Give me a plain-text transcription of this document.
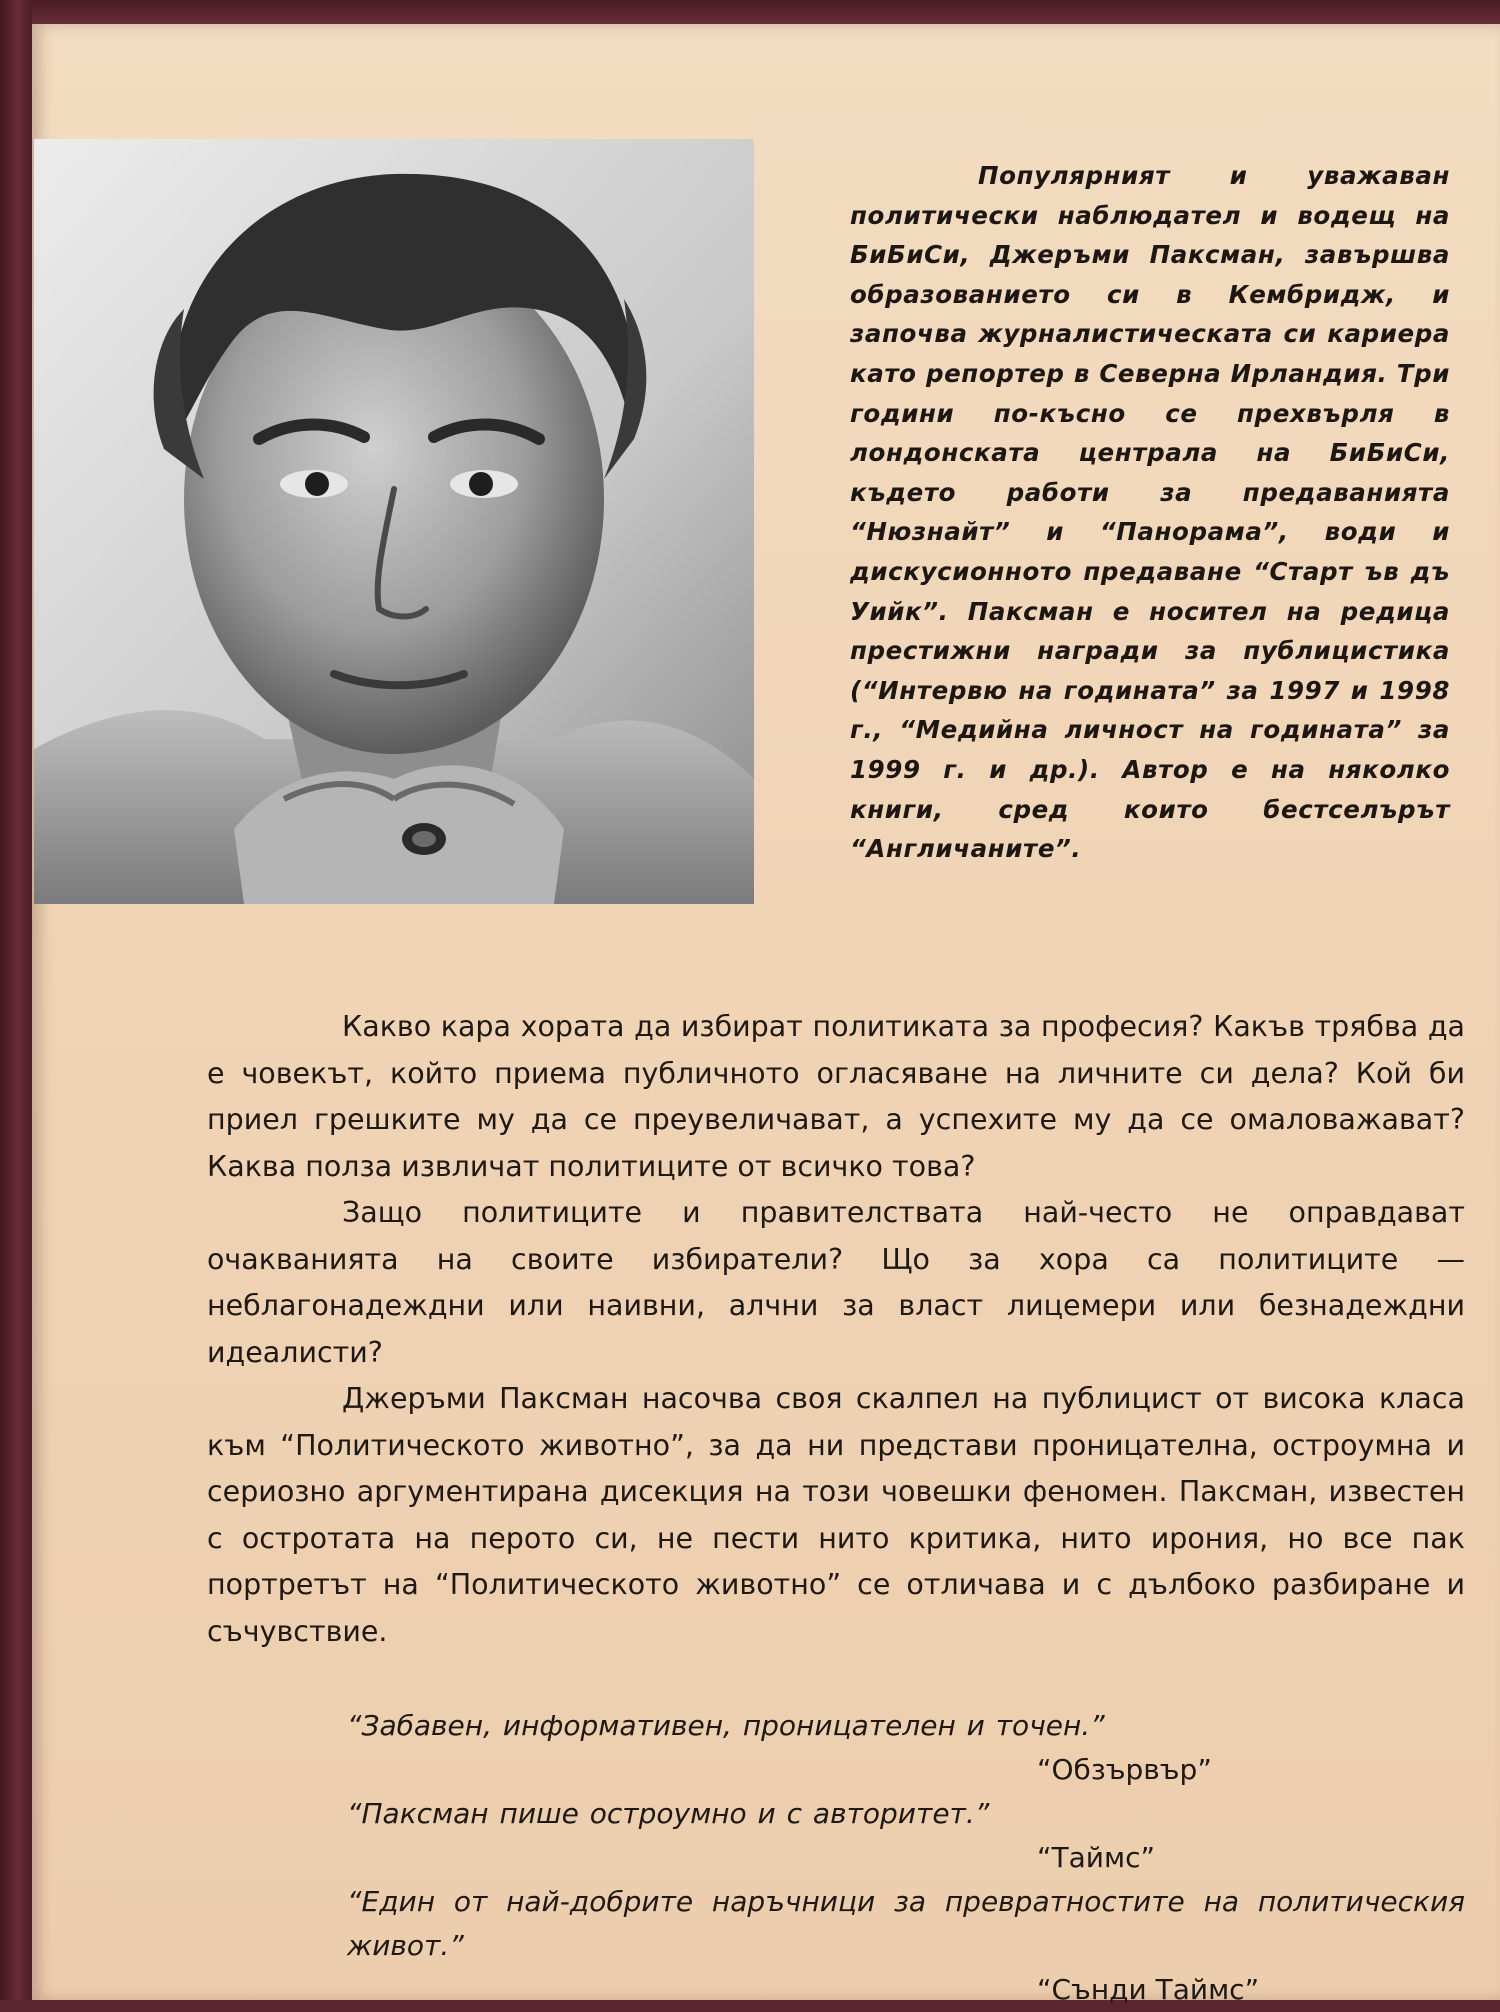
Популярният и уважаван политически наблюдател и водещ на БиБиСи, Джеръми Паксман, завършва образованието си в Кембридж, и започва журналистическата си кариера като репортер в Северна Ирландия. Три години по-късно се прехвърля в лондонската централа на БиБиСи, където работи за предаванията “Нюзнайт” и “Панорама”, води и дискусионното предаване “Старт ъв дъ Уийк”. Паксман е носител на редица престижни награди за публицистика (“Интервю на годината” за 1997 и 1998 г., “Медийна личност на годината” за 1999 г. и др.). Автор е на няколко книги, сред които бестселърът “Англичаните”.

Какво кара хората да избират политиката за професия? Какъв трябва да е човекът, който приема публичното огласяване на личните си дела? Кой би приел грешките му да се преувеличават, а успехите му да се омаловажават? Каква полза извличат политиците от всичко това?

Защо политиците и правителствата най-често не оправдават очакванията на своите избиратели? Що за хора са политиците — неблагонадеждни или наивни, алчни за власт лицемери или безнадеждни идеалисти?

Джеръми Паксман насочва своя скалпел на публицист от висока класа към “Политическото животно”, за да ни представи проницателна, остроумна и сериозно аргументирана дисекция на този човешки феномен. Паксман, известен с остротата на перото си, не пести нито критика, нито ирония, но все пак портретът на “Политическото животно” се отличава и с дълбоко разбиране и съчувствие.

“Забавен, информативен, проницателен и точен.”

“Обзървър”

“Паксман пише остроумно и с авторитет.”

“Таймс”

“Един от най-добрите наръчници за превратностите на политическия живот.”

“Сънди Таймс”
